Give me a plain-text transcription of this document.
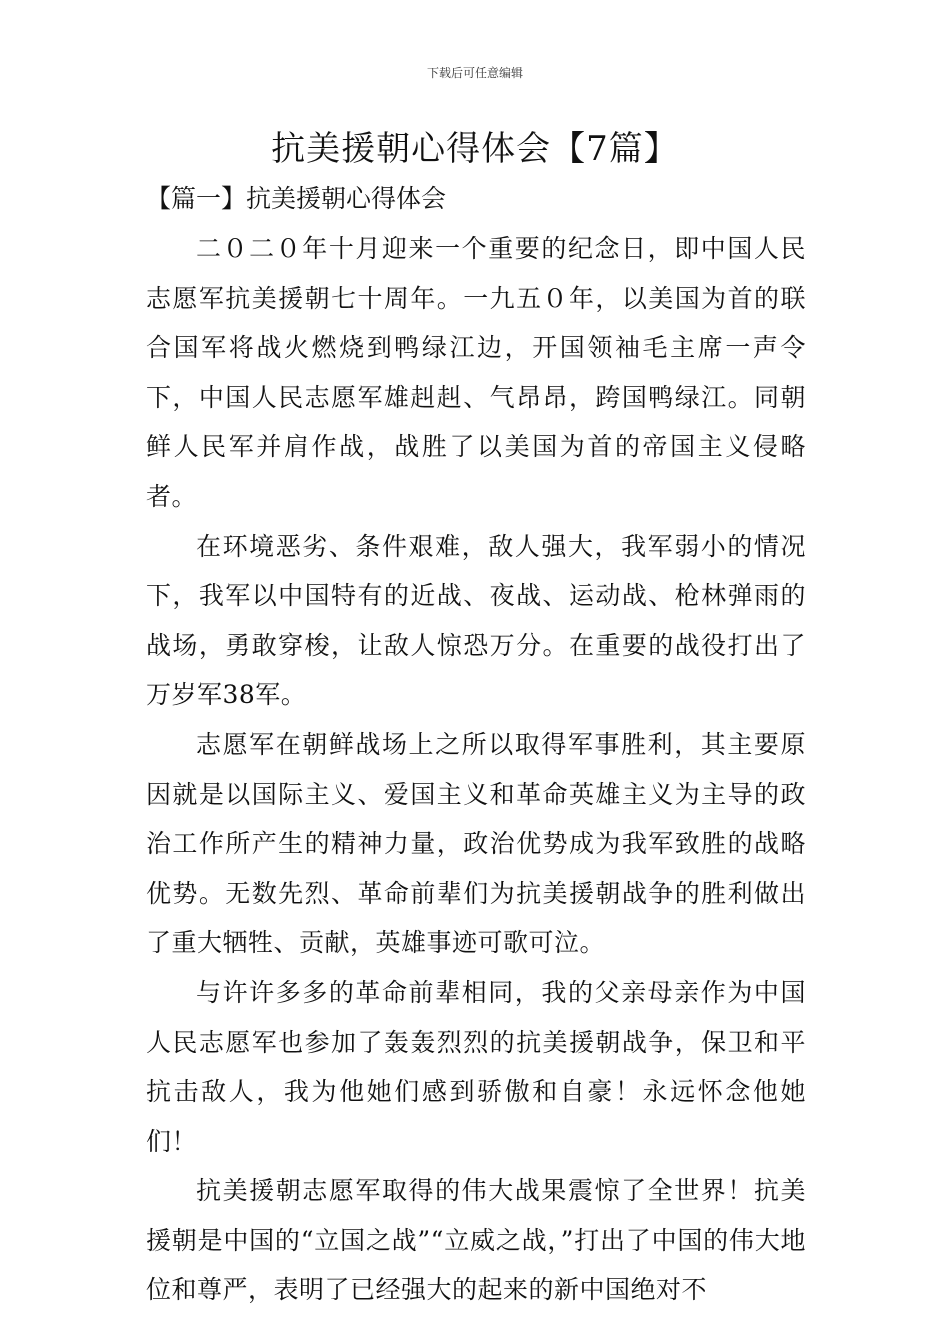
下载后可任意编辑
抗美援朝心得体会【7篇】
【篇一】抗美援朝心得体会

二０二０年十月迎来一个重要的纪念日，即中国人民志愿军抗美援朝七十周年。一九五０年，以美国为首的联合国军将战火燃烧到鸭绿江边，开国领袖毛主席一声令下，中国人民志愿军雄赳赳、气昂昂，跨国鸭绿江。同朝鲜人民军并肩作战，战胜了以美国为首的帝国主义侵略者。

在环境恶劣、条件艰难，敌人强大，我军弱小的情况下，我军以中国特有的近战、夜战、运动战、枪林弹雨的战场，勇敢穿梭，让敌人惊恐万分。在重要的战役打出了万岁军38军。

志愿军在朝鲜战场上之所以取得军事胜利，其主要原因就是以国际主义、爱国主义和革命英雄主义为主导的政治工作所产生的精神力量，政治优势成为我军致胜的战略优势。无数先烈、革命前辈们为抗美援朝战争的胜利做出了重大牺牲、贡献，英雄事迹可歌可泣。

与许许多多的革命前辈相同，我的父亲母亲作为中国人民志愿军也参加了轰轰烈烈的抗美援朝战争，保卫和平抗击敌人，我为他她们感到骄傲和自豪！永远怀念他她们！

抗美援朝志愿军取得的伟大战果震惊了全世界！抗美援朝是中国的“立国之战”“立威之战，”打出了中国的伟大地位和尊严，表明了已经强大的起来的新中国绝对不
